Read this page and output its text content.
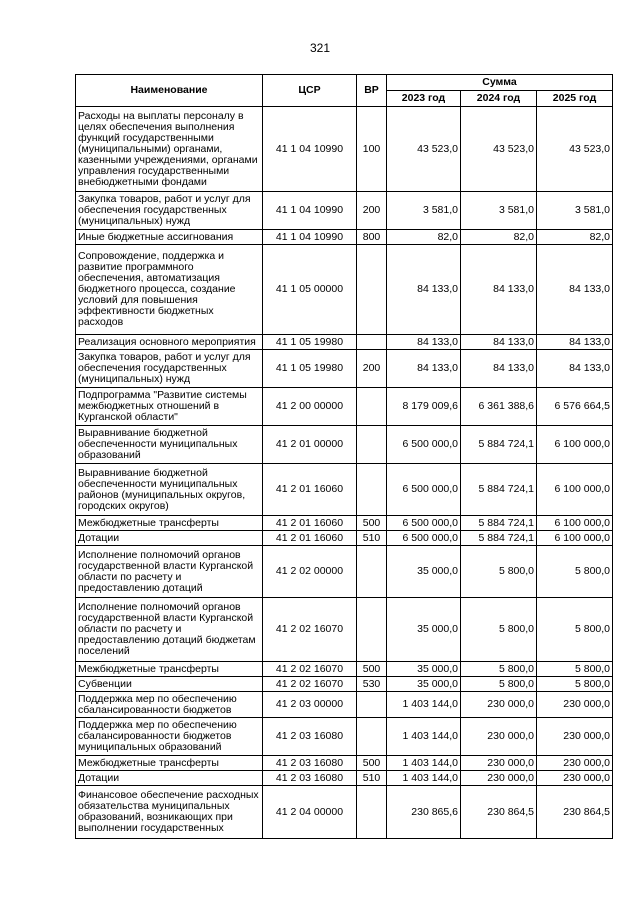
321
Наименование	ЦСР	ВР	Сумма		
			2023 год	2024 год	2025 год
Расходы на выплаты персоналу в целях обеспечения выполнения функций государственными (муниципальными) органами, казенными учреждениями, органами управления государственными внебюджетными фондами	41 1 04 10990	100	43 523,0	43 523,0	43 523,0
Закупка товаров, работ и услуг для обеспечения государственных (муниципальных) нужд	41 1 04 10990	200	3 581,0	3 581,0	3 581,0
Иные бюджетные ассигнования	41 1 04 10990	800	82,0	82,0	82,0
Сопровождение, поддержка и развитие программного обеспечения, автоматизация бюджетного процесса, создание условий для повышения эффективности бюджетных расходов	41 1 05 00000		84 133,0	84 133,0	84 133,0
Реализация основного мероприятия	41 1 05 19980		84 133,0	84 133,0	84 133,0
Закупка товаров, работ и услуг для обеспечения государственных (муниципальных) нужд	41 1 05 19980	200	84 133,0	84 133,0	84 133,0
Подпрограмма "Развитие системы межбюджетных отношений в Курганской области"	41 2 00 00000		8 179 009,6	6 361 388,6	6 576 664,5
Выравнивание бюджетной обеспеченности муниципальных образований	41 2 01 00000		6 500 000,0	5 884 724,1	6 100 000,0
Выравнивание бюджетной обеспеченности муниципальных районов (муниципальных округов, городских округов)	41 2 01 16060		6 500 000,0	5 884 724,1	6 100 000,0
Межбюджетные трансферты	41 2 01 16060	500	6 500 000,0	5 884 724,1	6 100 000,0
Дотации	41 2 01 16060	510	6 500 000,0	5 884 724,1	6 100 000,0
Исполнение полномочий органов государственной власти Курганской области по расчету и предоставлению дотаций	41 2 02 00000		35 000,0	5 800,0	5 800,0
Исполнение полномочий органов государственной власти Курганской области по расчету и предоставлению дотаций бюджетам поселений	41 2 02 16070		35 000,0	5 800,0	5 800,0
Межбюджетные трансферты	41 2 02 16070	500	35 000,0	5 800,0	5 800,0
Субвенции	41 2 02 16070	530	35 000,0	5 800,0	5 800,0
Поддержка мер по обеспечению сбалансированности бюджетов	41 2 03 00000		1 403 144,0	230 000,0	230 000,0
Поддержка мер по обеспечению сбалансированности бюджетов муниципальных образований	41 2 03 16080		1 403 144,0	230 000,0	230 000,0
Межбюджетные трансферты	41 2 03 16080	500	1 403 144,0	230 000,0	230 000,0
Дотации	41 2 03 16080	510	1 403 144,0	230 000,0	230 000,0
Финансовое обеспечение расходных обязательства муниципальных образований, возникающих при выполнении государственных	41 2 04 00000		230 865,6	230 864,5	230 864,5
